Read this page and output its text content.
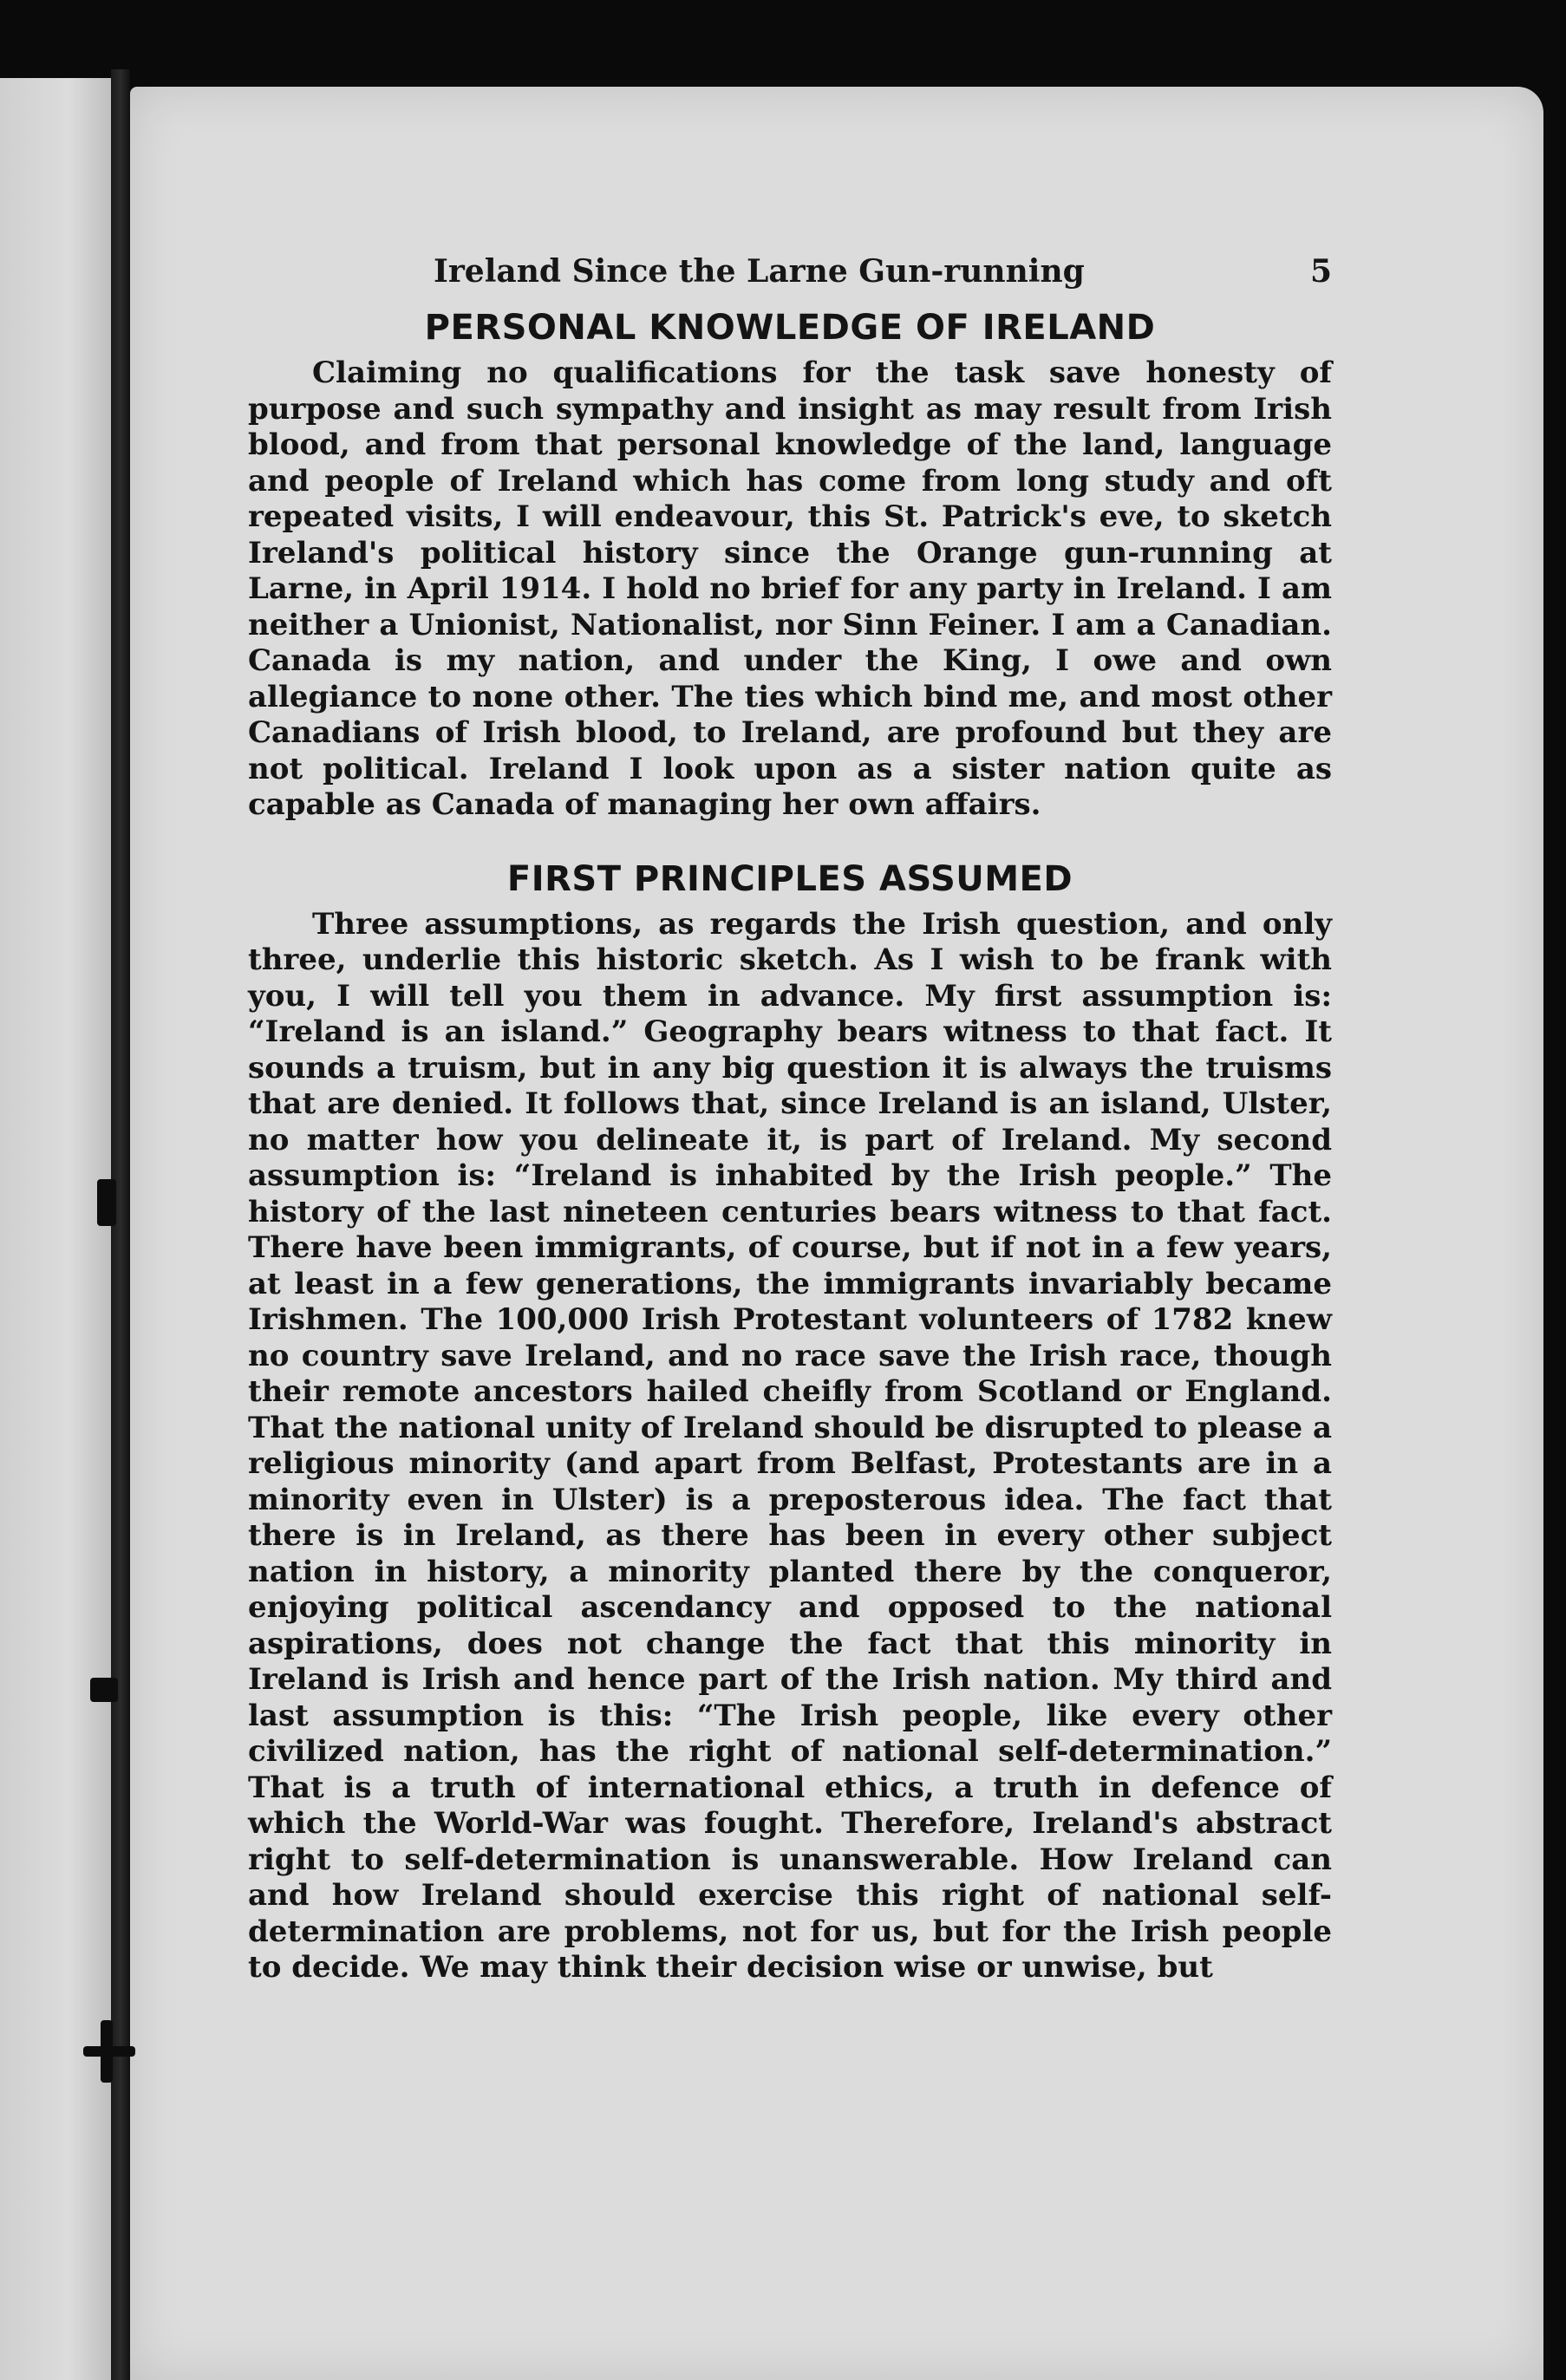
Ireland Since the Larne Gun-running	5
PERSONAL KNOWLEDGE OF IRELAND

Claiming no qualifications for the task save honesty of purpose and such sympathy and insight as may result from Irish blood, and from that personal knowledge of the land, language and people of Ireland which has come from long study and oft repeated visits, I will endeavour, this St. Patrick's eve, to sketch Ireland's political history since the Orange gun-running at Larne, in April 1914. I hold no brief for any party in Ireland. I am neither a Unionist, Nationalist, nor Sinn Feiner. I am a Canadian. Canada is my nation, and under the King, I owe and own allegiance to none other. The ties which bind me, and most other Canadians of Irish blood, to Ireland, are profound but they are not political. Ireland I look upon as a sister nation quite as capable as Canada of managing her own affairs.

FIRST PRINCIPLES ASSUMED

Three assumptions, as regards the Irish question, and only three, underlie this historic sketch. As I wish to be frank with you, I will tell you them in advance. My first assumption is: “Ireland is an island.” Geography bears witness to that fact. It sounds a truism, but in any big question it is always the truisms that are denied. It follows that, since Ireland is an island, Ulster, no matter how you delineate it, is part of Ireland. My second assumption is: “Ireland is inhabited by the Irish people.” The history of the last nineteen centuries bears witness to that fact. There have been immigrants, of course, but if not in a few years, at least in a few generations, the immigrants invariably became Irishmen. The 100,000 Irish Protestant volunteers of 1782 knew no country save Ireland, and no race save the Irish race, though their remote ancestors hailed cheifly from Scotland or England. That the national unity of Ireland should be disrupted to please a religious minority (and apart from Belfast, Protestants are in a minority even in Ulster) is a preposterous idea. The fact that there is in Ireland, as there has been in every other subject nation in history, a minority planted there by the conqueror, enjoying political ascendancy and opposed to the national aspirations, does not change the fact that this minority in Ireland is Irish and hence part of the Irish nation. My third and last assumption is this: “The Irish people, like every other civilized nation, has the right of national self-determination.” That is a truth of international ethics, a truth in defence of which the World-War was fought. Therefore, Ireland's abstract right to self-determination is unanswerable. How Ireland can and how Ireland should exercise this right of national self-determination are problems, not for us, but for the Irish people to decide. We may think their decision wise or unwise, but
